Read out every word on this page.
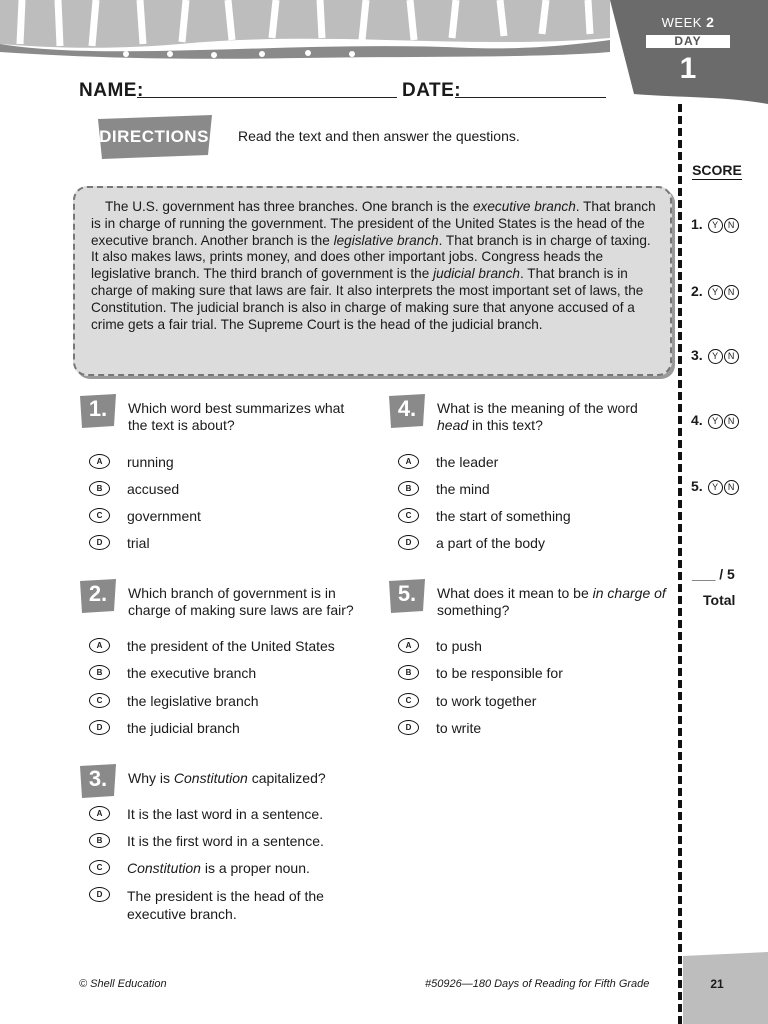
WEEK 2
DAY
1
NAME:	DATE:
DIRECTIONS Read the text and then answer the questions.

The U.S. government has three branches. One branch is the executive branch. That branch is in charge of running the government. The president of the United States is the head of the executive branch. Another branch is the legislative branch. That branch is in charge of taxing. It also makes laws, prints money, and does other important jobs. Congress heads the legislative branch. The third branch of government is the judicial branch. That branch is in charge of making sure that laws are fair. It also interprets the most important set of laws, the Constitution. The judicial branch is also in charge of making sure that anyone accused of a crime gets a fair trial. The Supreme Court is the head of the judicial branch.

1.	Which word best summarizes what the text is about?
A	running
B	accused
C	government
D	trial
2.	Which branch of government is in charge of making sure laws are fair?
A	the president of the United States
B	the executive branch
C	the legislative branch
D	the judicial branch
3.	Why is Constitution capitalized?
A	It is the last word in a sentence.
B	It is the first word in a sentence.
C	Constitution is a proper noun.
D	The president is the head of the executive branch.
4.	What is the meaning of the word head in this text?
A	the leader
B	the mind
C	the start of something
D	a part of the body
5.	What does it mean to be in charge of something?
A	to push
B	to be responsible for
C	to work together
D	to write
SCORE
1. Y N
2. Y N
3. Y N
4. Y N
5. Y N
___ / 5
Total
© Shell Education	#50926—180 Days of Reading for Fifth Grade	21
